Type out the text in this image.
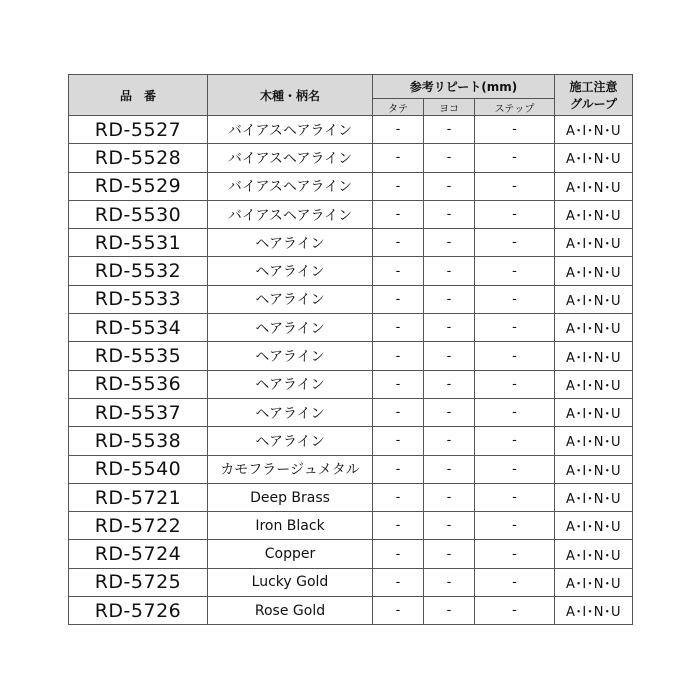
品　番	木種・柄名	参考リピート(mm)			施工注意
グループ

		タテ	ヨコ	ステップ	
RD-5527	バイアスヘアライン	-	-	-	A･I･N･U
RD-5528	バイアスヘアライン	-	-	-	A･I･N･U
RD-5529	バイアスヘアライン	-	-	-	A･I･N･U
RD-5530	バイアスヘアライン	-	-	-	A･I･N･U
RD-5531	ヘアライン	-	-	-	A･I･N･U
RD-5532	ヘアライン	-	-	-	A･I･N･U
RD-5533	ヘアライン	-	-	-	A･I･N･U
RD-5534	ヘアライン	-	-	-	A･I･N･U
RD-5535	ヘアライン	-	-	-	A･I･N･U
RD-5536	ヘアライン	-	-	-	A･I･N･U
RD-5537	ヘアライン	-	-	-	A･I･N･U
RD-5538	ヘアライン	-	-	-	A･I･N･U
RD-5540	カモフラージュメタル	-	-	-	A･I･N･U
RD-5721	Deep Brass	-	-	-	A･I･N･U
RD-5722	Iron Black	-	-	-	A･I･N･U
RD-5724	Copper	-	-	-	A･I･N･U
RD-5725	Lucky Gold	-	-	-	A･I･N･U
RD-5726	Rose Gold	-	-	-	A･I･N･U
